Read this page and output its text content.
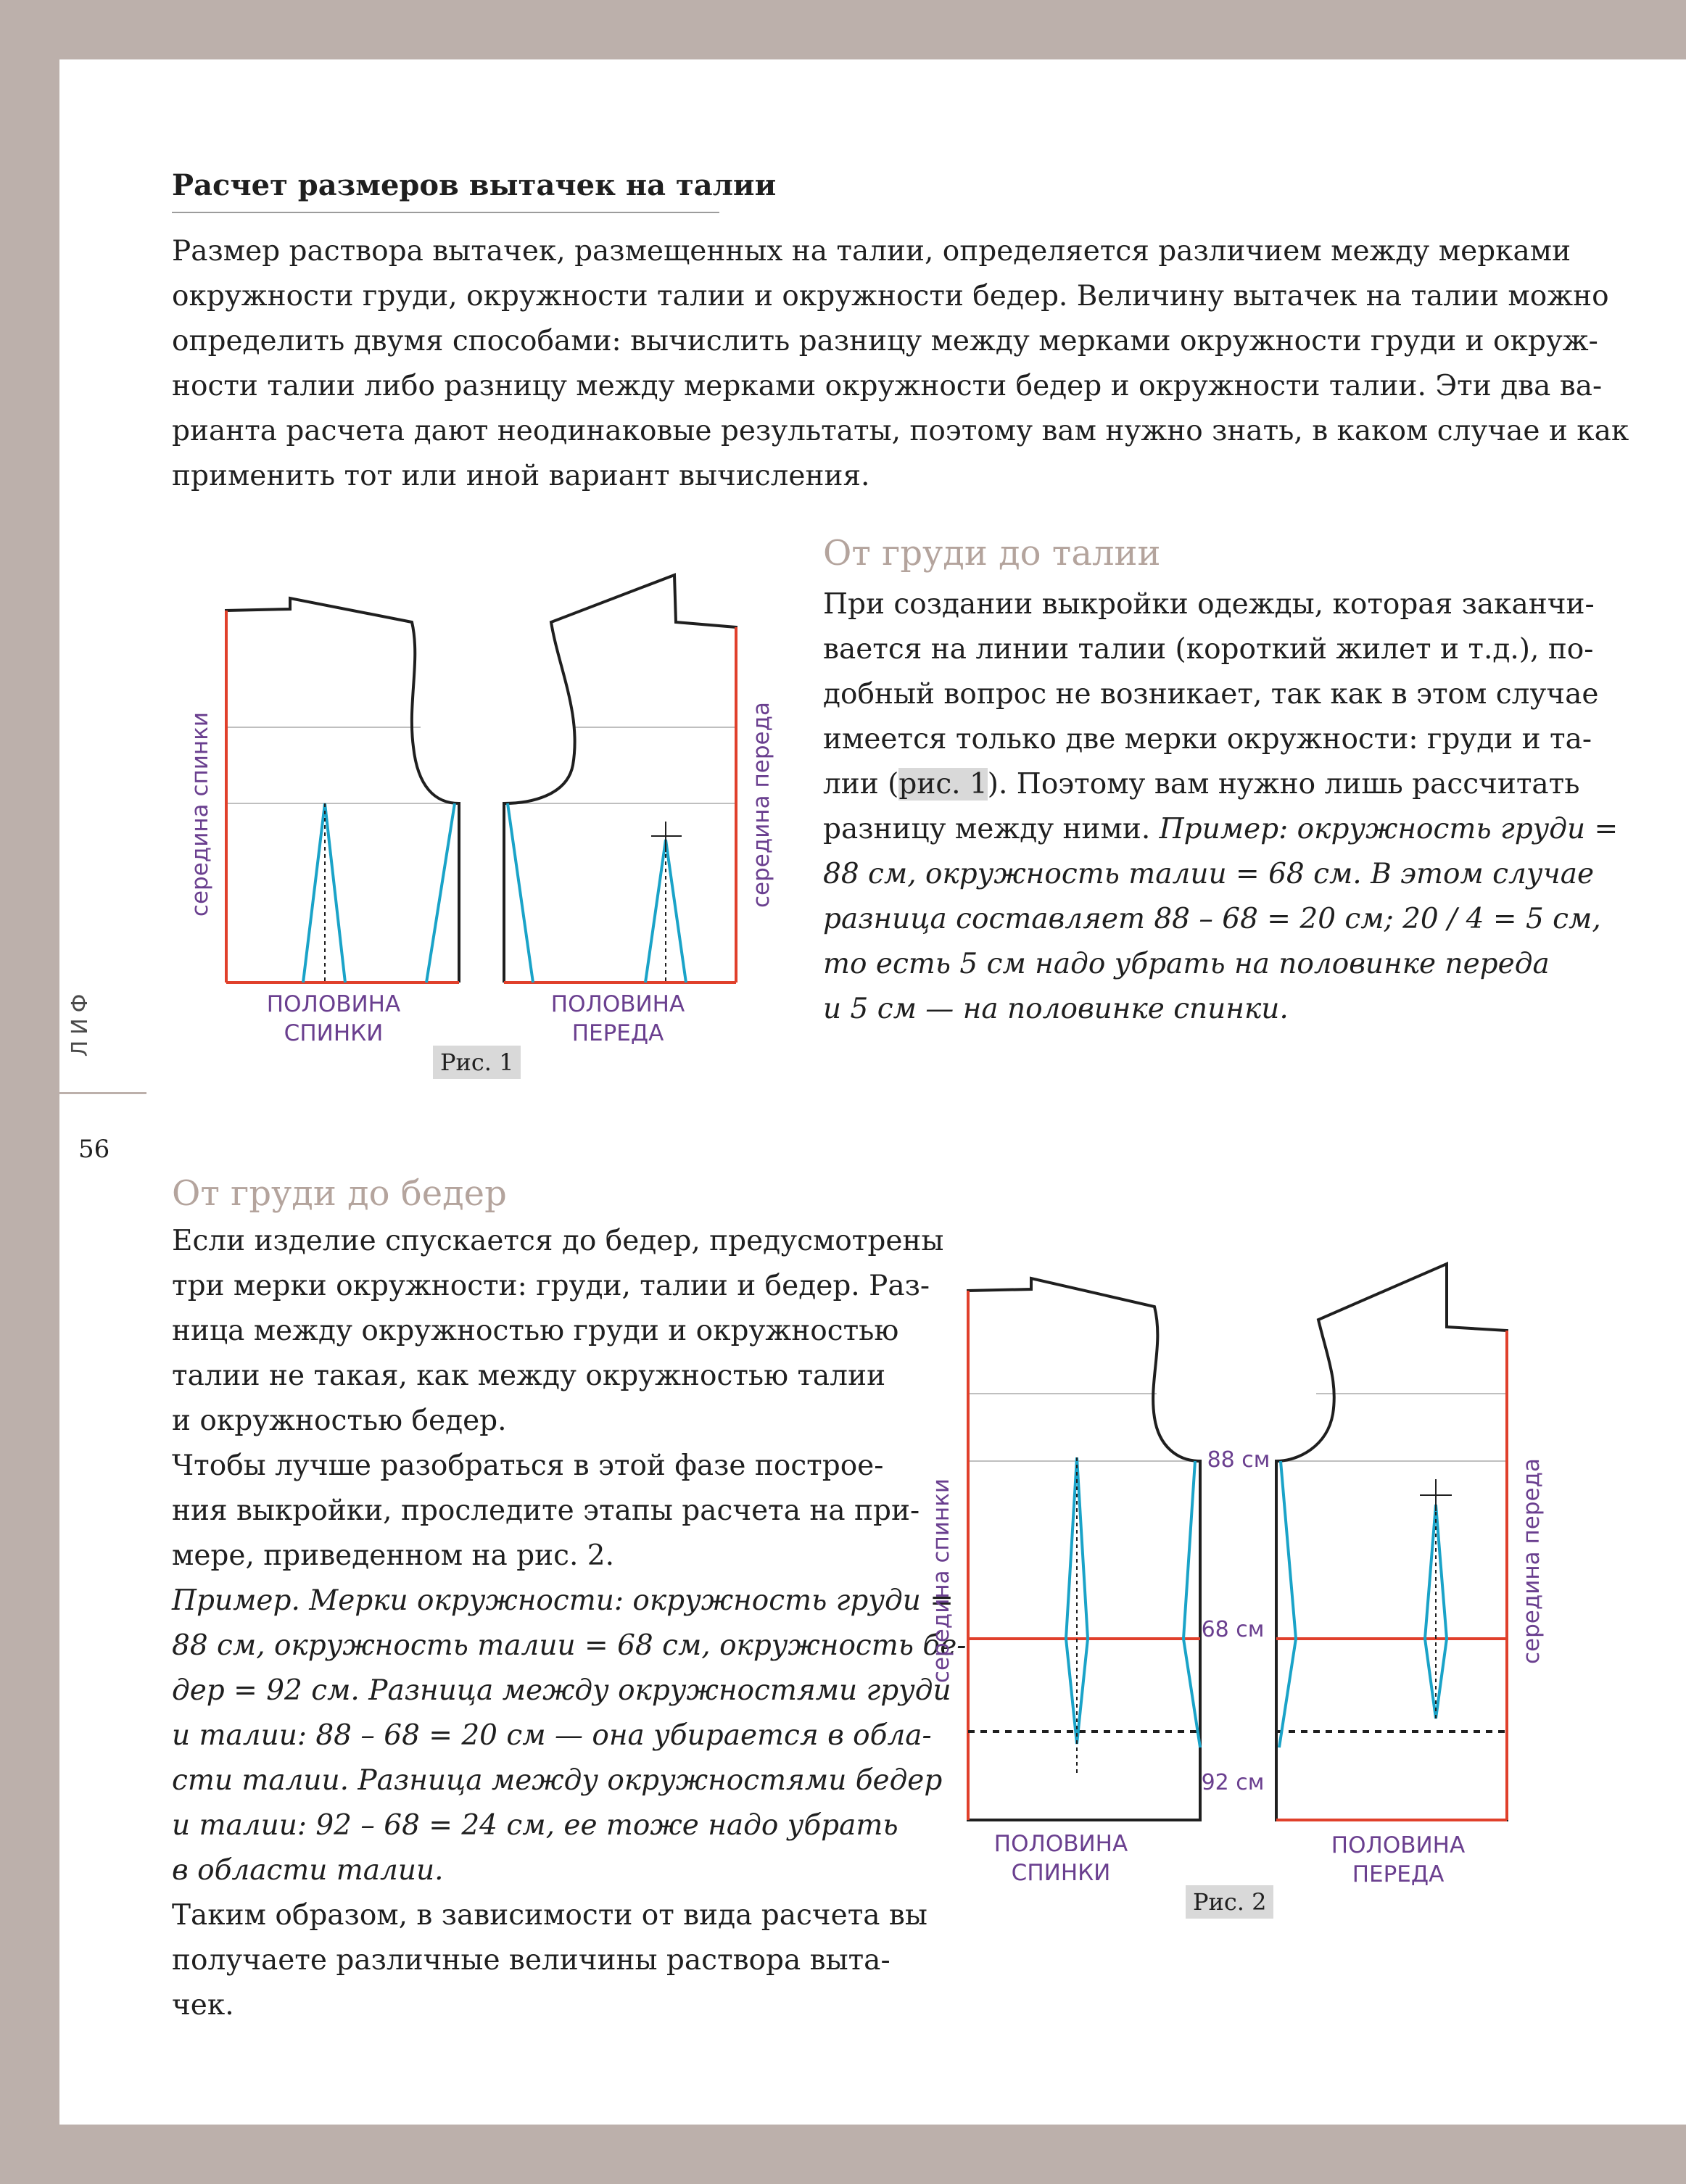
Расчет размеров вытачек на талии

Размер раствора вытачек, размещенных на талии, определяется различием между мерками
окружности груди, окружности талии и окружности бедер. Величину вытачек на талии можно
определить двумя способами: вычислить разницу между мерками окружности груди и окруж-
ности талии либо разницу между мерками окружности бедер и окружности талии. Эти два ва-
рианта расчета дают неодинаковые результаты, поэтому вам нужно знать, в каком случае и как
применить тот или иной вариант вычисления.

От груди до талии

При создании выкройки одежды, которая заканчи-
вается на линии талии (короткий жилет и т.д.), по-
добный вопрос не возникает, так как в этом случае
имеется только две мерки окружности: груди и та-
лии (рис. 1). Поэтому вам нужно лишь рассчитать
разницу между ними. Пример: окружность груди =
88 см, окружность талии = 68 см. В этом случае
разница составляет 88 – 68 = 20 см; 20 / 4 = 5 см,
то есть 5 см надо убрать на половинке переда
и 5 см — на половинке спинки.

ПОЛОВИНА
СПИНКИ
ПОЛОВИНА
ПЕРЕДА
середина спинки	середина переда
Рис. 1
ЛИФ
56
От груди до бедер

Если изделие спускается до бедер, предусмотрены
три мерки окружности: груди, талии и бедер. Раз-
ница между окружностью груди и окружностью
талии не такая, как между окружностью талии
и окружностью бедер.
Чтобы лучше разобраться в этой фазе построе-
ния выкройки, проследите этапы расчета на при-
мере, приведенном на рис. 2.
Пример. Мерки окружности: окружность груди =
88 см, окружность талии = 68 см, окружность бе-
дер = 92 см. Разница между окружностями груди
и талии: 88 – 68 = 20 см — она убирается в обла-
сти талии. Разница между окружностями бедер
и талии: 92 – 68 = 24 см, ее тоже надо убрать
в области талии.
Таким образом, в зависимости от вида расчета вы
получаете различные величины раствора выта-
чек.

88 см
68 см
92 см
ПОЛОВИНА
СПИНКИ
ПОЛОВИНА
ПЕРЕДА
середина спинки	середина переда
Рис. 2
